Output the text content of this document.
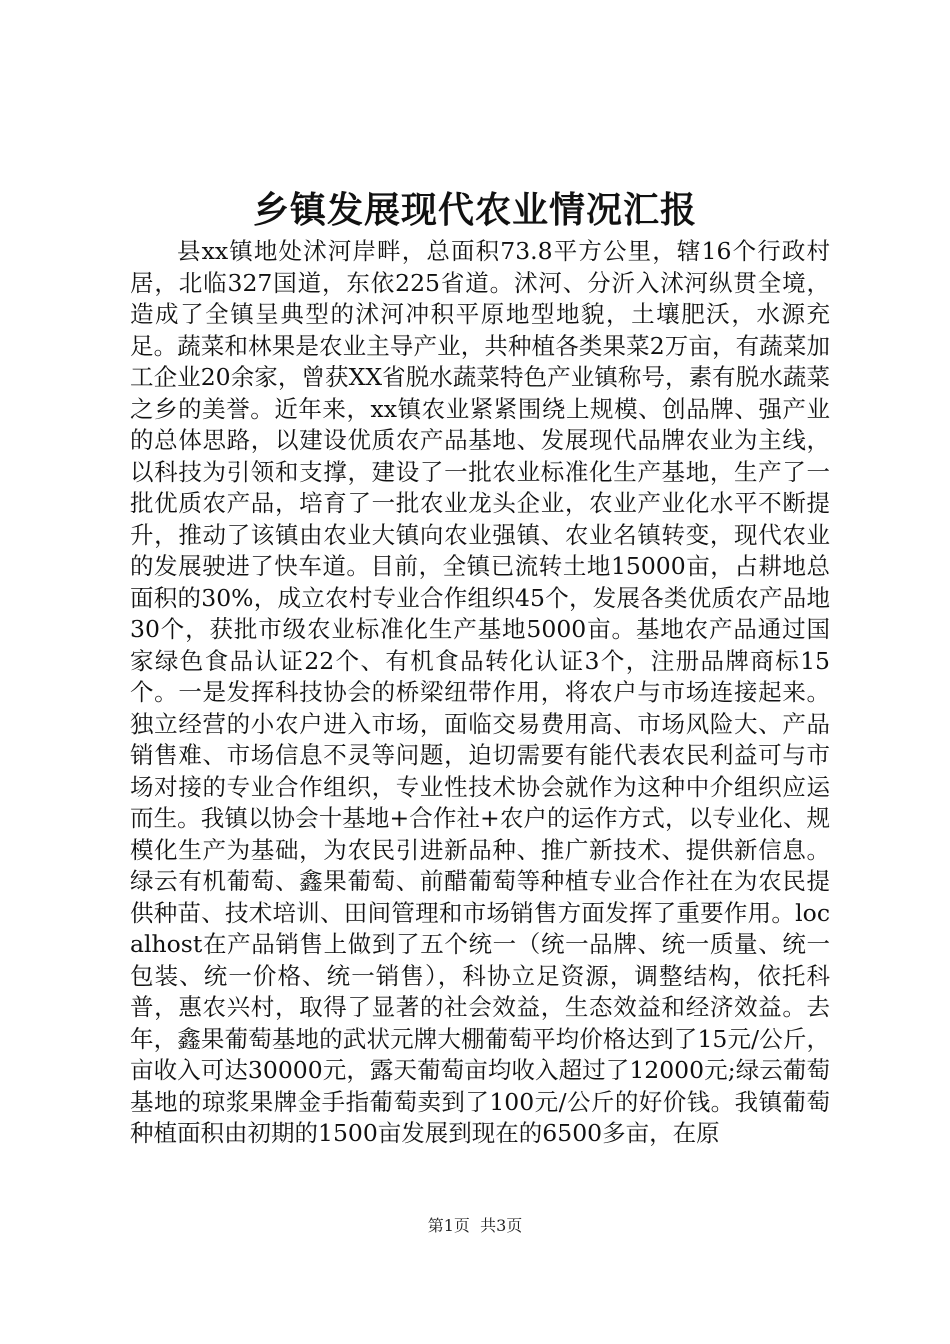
乡镇发展现代农业情况汇报

县xx镇地处沭河岸畔，总面积73.8平方公里，辖16个行政村居，北临327国道，东依225省道。沭河、分沂入沭河纵贯全境，造成了全镇呈典型的沭河冲积平原地型地貌，土壤肥沃，水源充足。蔬菜和林果是农业主导产业，共种植各类果菜2万亩，有蔬菜加工企业20余家，曾获XX省脱水蔬菜特色产业镇称号，素有脱水蔬菜之乡的美誉。近年来，xx镇农业紧紧围绕上规模、创品牌、强产业的总体思路，以建设优质农产品基地、发展现代品牌农业为主线，以科技为引领和支撑，建设了一批农业标准化生产基地，生产了一批优质农产品，培育了一批农业龙头企业，农业产业化水平不断提升，推动了该镇由农业大镇向农业强镇、农业名镇转变，现代农业的发展驶进了快车道。目前，全镇已流转土地15000亩，占耕地总面积的30%，成立农村专业合作组织45个，发展各类优质农产品地30个，获批市级农业标准化生产基地5000亩。基地农产品通过国家绿色食品认证22个、有机食品转化认证3个，注册品牌商标15个。一是发挥科技协会的桥梁纽带作用，将农户与市场连接起来。独立经营的小农户进入市场，面临交易费用高、市场风险大、产品销售难、市场信息不灵等问题，迫切需要有能代表农民利益可与市场对接的专业合作组织，专业性技术协会就作为这种中介组织应运而生。我镇以协会十基地+合作社+农户的运作方式，以专业化、规模化生产为基础，为农民引进新品种、推广新技术、提供新信息。绿云有机葡萄、鑫果葡萄、前醋葡萄等种植专业合作社在为农民提供种苗、技术培训、田间管理和市场销售方面发挥了重要作用。localhost在产品销售上做到了五个统一（统一品牌、统一质量、统一包装、统一价格、统一销售），科协立足资源，调整结构，依托科普，惠农兴村，取得了显著的社会效益，生态效益和经济效益。去年，鑫果葡萄基地的武状元牌大棚葡萄平均价格达到了15元/公斤，亩收入可达30000元，露天葡萄亩均收入超过了12000元;绿云葡萄基地的琼浆果牌金手指葡萄卖到了100元/公斤的好价钱。我镇葡萄种植面积由初期的1500亩发展到现在的6500多亩，在原

第1页  共3页
